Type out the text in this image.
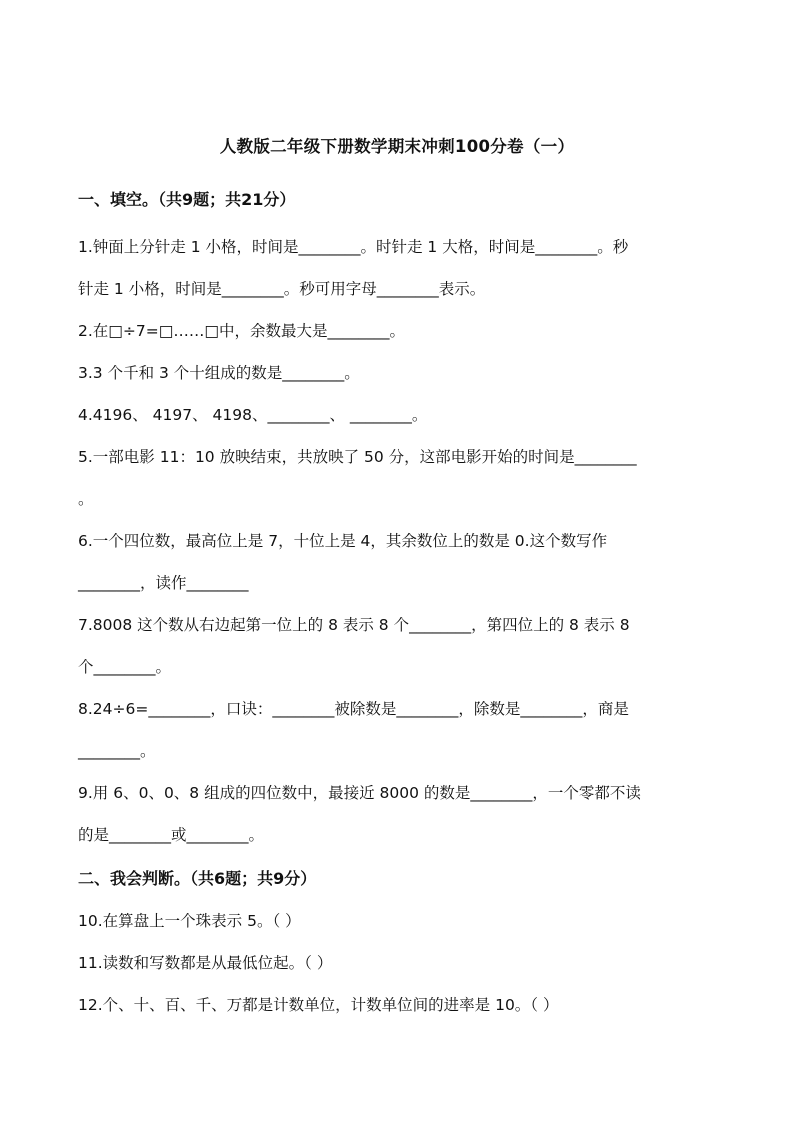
人教版二年级下册数学期末冲刺100分卷（一）
一、填空。（共9题；共21分）
1.钟面上分针走 1 小格，时间是________。时针走 1 大格，时间是________。秒
针走 1 小格，时间是________。秒可用字母________表示。
2.在□÷7=□……□中，余数最大是________。
3.3 个千和 3 个十组成的数是________。
4.4196、 4197、 4198、________、 ________。
5.一部电影 11：10 放映结束，共放映了 50 分，这部电影开始的时间是________
。
6.一个四位数，最高位上是 7，十位上是 4，其余数位上的数是 0.这个数写作
________，读作________
7.8008 这个数从右边起第一位上的 8 表示 8 个________，第四位上的 8 表示 8
个________。
8.24÷6=________，口诀：________被除数是________，除数是________，商是
________。
9.用 6、0、0、8 组成的四位数中，最接近 8000 的数是________，一个零都不读
的是________或________。
二、我会判断。（共6题；共9分）
10.在算盘上一个珠表示 5。（ ）
11.读数和写数都是从最低位起。（ ）
12.个、十、百、千、万都是计数单位，计数单位间的进率是 10。（ ）
